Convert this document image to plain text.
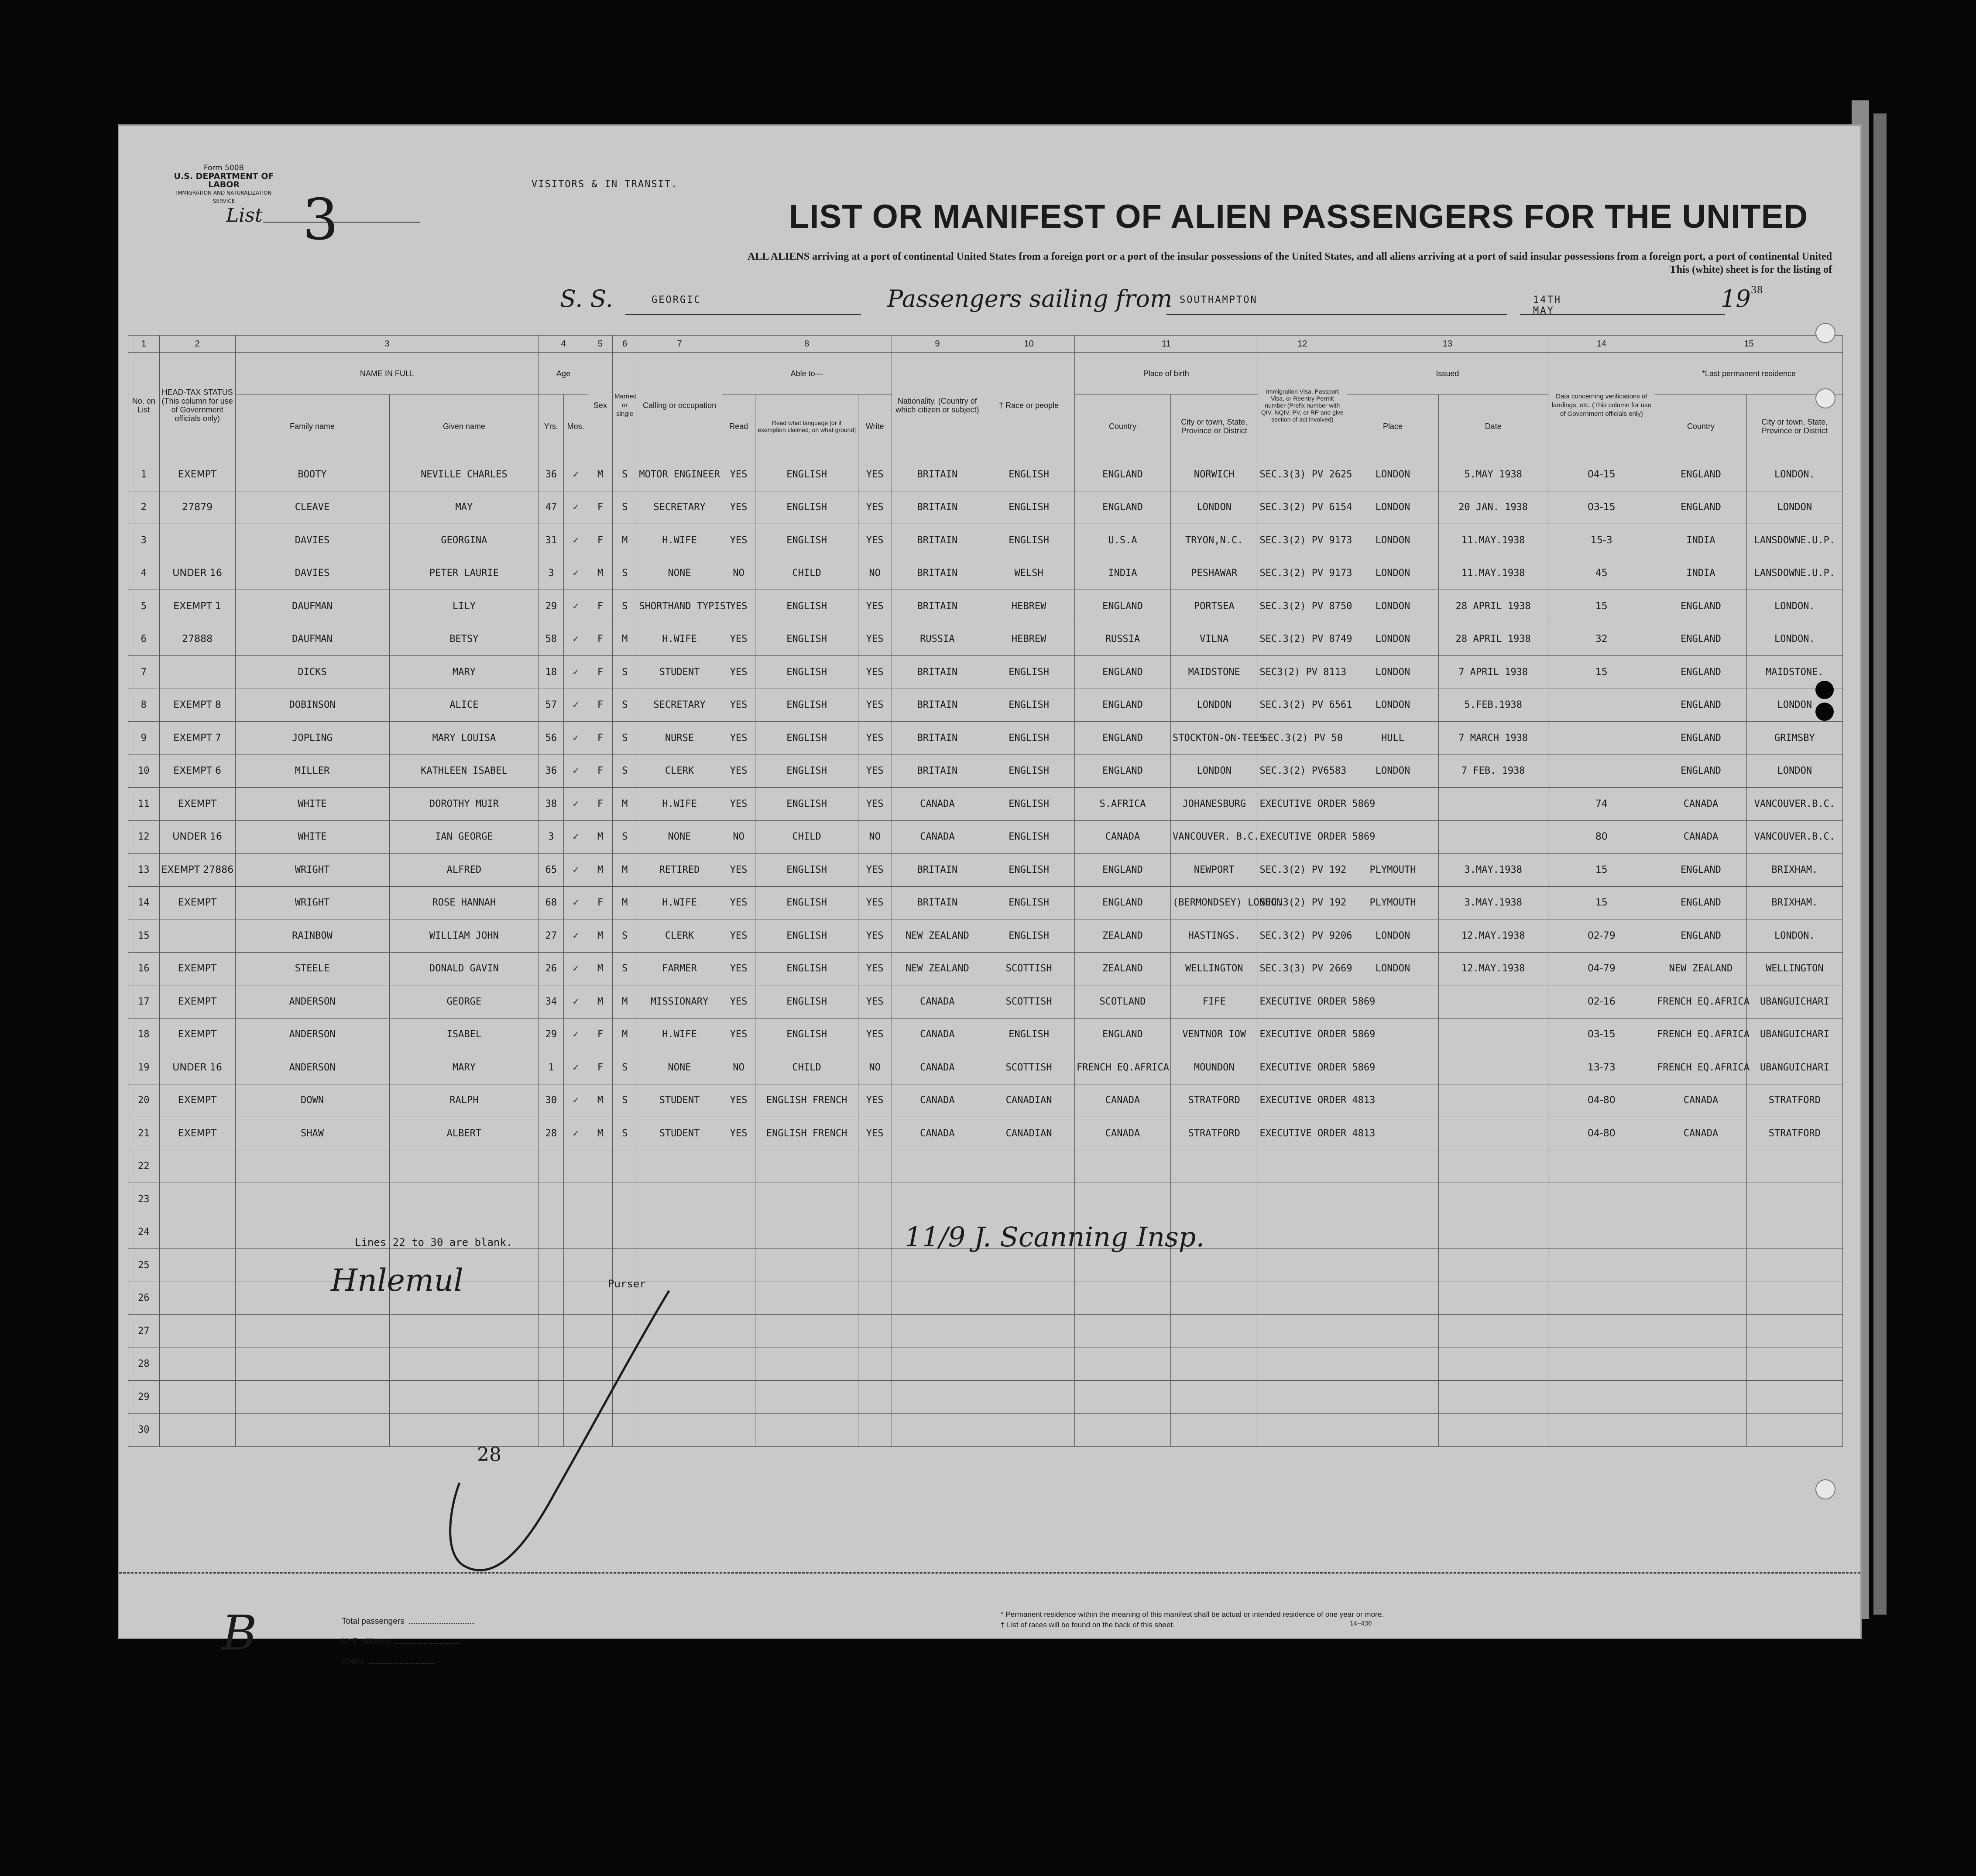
Form 500B
U.S. DEPARTMENT OF LABOR
IMMIGRATION AND NATURALIZATION SERVICE
List 3
VISITORS & IN TRANSIT.
LIST OR MANIFEST OF ALIEN PASSENGERS FOR THE UNITED
ALL ALIENS arriving at a port of continental United States from a foreign port or a port of the insular possessions of the United States, and all aliens arriving at a port of said insular possessions from a foreign port, a port of continental United
This (white) sheet is for the listing of
S. S.	GEORGIC	Passengers sailing from SOUTHAMPTON	14TH MAY	$19^{38}$
1	2	3		4		5	6	7	8			9	10	11		12	13		14	15	
No. on List	HEAD-TAX STATUS (This column for use of Government officials only)	NAME IN FULL		Age		Sex	Married or single	Calling or occupation	Able to—			Nationality. (Country of which citizen or subject)	† Race or people	Place of birth		Immigration Visa, Passport Visa, or Reentry Permit number (Prefix number with QIV, NQIV, PV, or RP and give section of act involved)	Issued		Data concerning verifications of landings, etc. (This column for use of Government officials only)	*Last permanent residence	
		Family name	Given name	Yrs.	Mos.				Read	Read what language [or if exemption claimed, on what ground]	Write			Country	City or town, State, Province or District		Place	Date		Country	City or town, State, Province or District
1	EXEMPT	BOOTY	NEVILLE CHARLES	36	✓	M	S	MOTOR ENGINEER	YES	ENGLISH	YES	BRITAIN	ENGLISH	ENGLAND	NORWICH	SEC.3(3) PV 2625	LONDON	5.MAY 1938	04-15	ENGLAND	LONDON.
2	27879	CLEAVE	MAY	47	✓	F	S	SECRETARY	YES	ENGLISH	YES	BRITAIN	ENGLISH	ENGLAND	LONDON	SEC.3(2) PV 6154	LONDON	20 JAN. 1938	03-15	ENGLAND	LONDON
3		DAVIES	GEORGINA	31	✓	F	M	H.WIFE	YES	ENGLISH	YES	BRITAIN	ENGLISH	U.S.A	TRYON,N.C.	SEC.3(2) PV 9173	LONDON	11.MAY.1938	15-3	INDIA	LANSDOWNE.U.P.
4	UNDER 16	DAVIES	PETER LAURIE	3	✓	M	S	NONE	NO	CHILD	NO	BRITAIN	WELSH	INDIA	PESHAWAR	SEC.3(2) PV 9173	LONDON	11.MAY.1938	45	INDIA	LANSDOWNE.U.P.
5	EXEMPT 1	DAUFMAN	LILY	29	✓	F	S	SHORTHAND TYPIST	YES	ENGLISH	YES	BRITAIN	HEBREW	ENGLAND	PORTSEA	SEC.3(2) PV 8750	LONDON	28 APRIL 1938	15	ENGLAND	LONDON.
6	27888	DAUFMAN	BETSY	58	✓	F	M	H.WIFE	YES	ENGLISH	YES	RUSSIA	HEBREW	RUSSIA	VILNA	SEC.3(2) PV 8749	LONDON	28 APRIL 1938	32	ENGLAND	LONDON.
7		DICKS	MARY	18	✓	F	S	STUDENT	YES	ENGLISH	YES	BRITAIN	ENGLISH	ENGLAND	MAIDSTONE	SEC3(2) PV 8113	LONDON	7 APRIL 1938	15	ENGLAND	MAIDSTONE.
8	EXEMPT 8	DOBINSON	ALICE	57	✓	F	S	SECRETARY	YES	ENGLISH	YES	BRITAIN	ENGLISH	ENGLAND	LONDON	SEC.3(2) PV 6561	LONDON	5.FEB.1938		ENGLAND	LONDON
9	EXEMPT 7	JOPLING	MARY LOUISA	56	✓	F	S	NURSE	YES	ENGLISH	YES	BRITAIN	ENGLISH	ENGLAND	STOCKTON-ON-TEES	SEC.3(2) PV 50	HULL	7 MARCH 1938		ENGLAND	GRIMSBY
10	EXEMPT 6	MILLER	KATHLEEN ISABEL	36	✓	F	S	CLERK	YES	ENGLISH	YES	BRITAIN	ENGLISH	ENGLAND	LONDON	SEC.3(2) PV6583	LONDON	7 FEB. 1938		ENGLAND	LONDON
11	EXEMPT	WHITE	DOROTHY MUIR	38	✓	F	M	H.WIFE	YES	ENGLISH	YES	CANADA	ENGLISH	S.AFRICA	JOHANESBURG	EXECUTIVE ORDER 5869			74	CANADA	VANCOUVER.B.C.
12	UNDER 16	WHITE	IAN GEORGE	3	✓	M	S	NONE	NO	CHILD	NO	CANADA	ENGLISH	CANADA	VANCOUVER. B.C.	EXECUTIVE ORDER 5869			80	CANADA	VANCOUVER.B.C.
13	EXEMPT 27886	WRIGHT	ALFRED	65	✓	M	M	RETIRED	YES	ENGLISH	YES	BRITAIN	ENGLISH	ENGLAND	NEWPORT	SEC.3(2) PV 192	PLYMOUTH	3.MAY.1938	15	ENGLAND	BRIXHAM.
14	EXEMPT	WRIGHT	ROSE HANNAH	68	✓	F	M	H.WIFE	YES	ENGLISH	YES	BRITAIN	ENGLISH	ENGLAND	(BERMONDSEY) LONDON	SEC.3(2) PV 192	PLYMOUTH	3.MAY.1938	15	ENGLAND	BRIXHAM.
15		RAINBOW	WILLIAM JOHN	27	✓	M	S	CLERK	YES	ENGLISH	YES	NEW ZEALAND	ENGLISH	ZEALAND	HASTINGS.	SEC.3(2) PV 9206	LONDON	12.MAY.1938	02-79	ENGLAND	LONDON.
16	EXEMPT	STEELE	DONALD GAVIN	26	✓	M	S	FARMER	YES	ENGLISH	YES	NEW ZEALAND	SCOTTISH	ZEALAND	WELLINGTON	SEC.3(3) PV 2669	LONDON	12.MAY.1938	04-79	NEW ZEALAND	WELLINGTON
17	EXEMPT	ANDERSON	GEORGE	34	✓	M	M	MISSIONARY	YES	ENGLISH	YES	CANADA	SCOTTISH	SCOTLAND	FIFE	EXECUTIVE ORDER 5869			02-16	FRENCH EQ.AFRICA	UBANGUICHARI
18	EXEMPT	ANDERSON	ISABEL	29	✓	F	M	H.WIFE	YES	ENGLISH	YES	CANADA	ENGLISH	ENGLAND	VENTNOR IOW	EXECUTIVE ORDER 5869			03-15	FRENCH EQ.AFRICA	UBANGUICHARI
19	UNDER 16	ANDERSON	MARY	1	✓	F	S	NONE	NO	CHILD	NO	CANADA	SCOTTISH	FRENCH EQ.AFRICA	MOUNDON	EXECUTIVE ORDER 5869			13-73	FRENCH EQ.AFRICA	UBANGUICHARI
20	EXEMPT	DOWN	RALPH	30	✓	M	S	STUDENT	YES	ENGLISH FRENCH	YES	CANADA	CANADIAN	CANADA	STRATFORD	EXECUTIVE ORDER 4813			04-80	CANADA	STRATFORD
21	EXEMPT	SHAW	ALBERT	28	✓	M	S	STUDENT	YES	ENGLISH FRENCH	YES	CANADA	CANADIAN	CANADA	STRATFORD	EXECUTIVE ORDER 4813			04-80	CANADA	STRATFORD
22																					
23																					
24																					
25																					
26																					
27																					
28																					
29																					
30																					
Lines 22 to 30 are blank.
Hnlemul	Purser
11/9 J. Scanning Insp.
28
B	Total passengers
U. S. citizens
Aliens
* Permanent residence within the meaning of this manifest shall be actual or intended residence of one year or more.
† List of races will be found on the back of this sheet.	14—430
